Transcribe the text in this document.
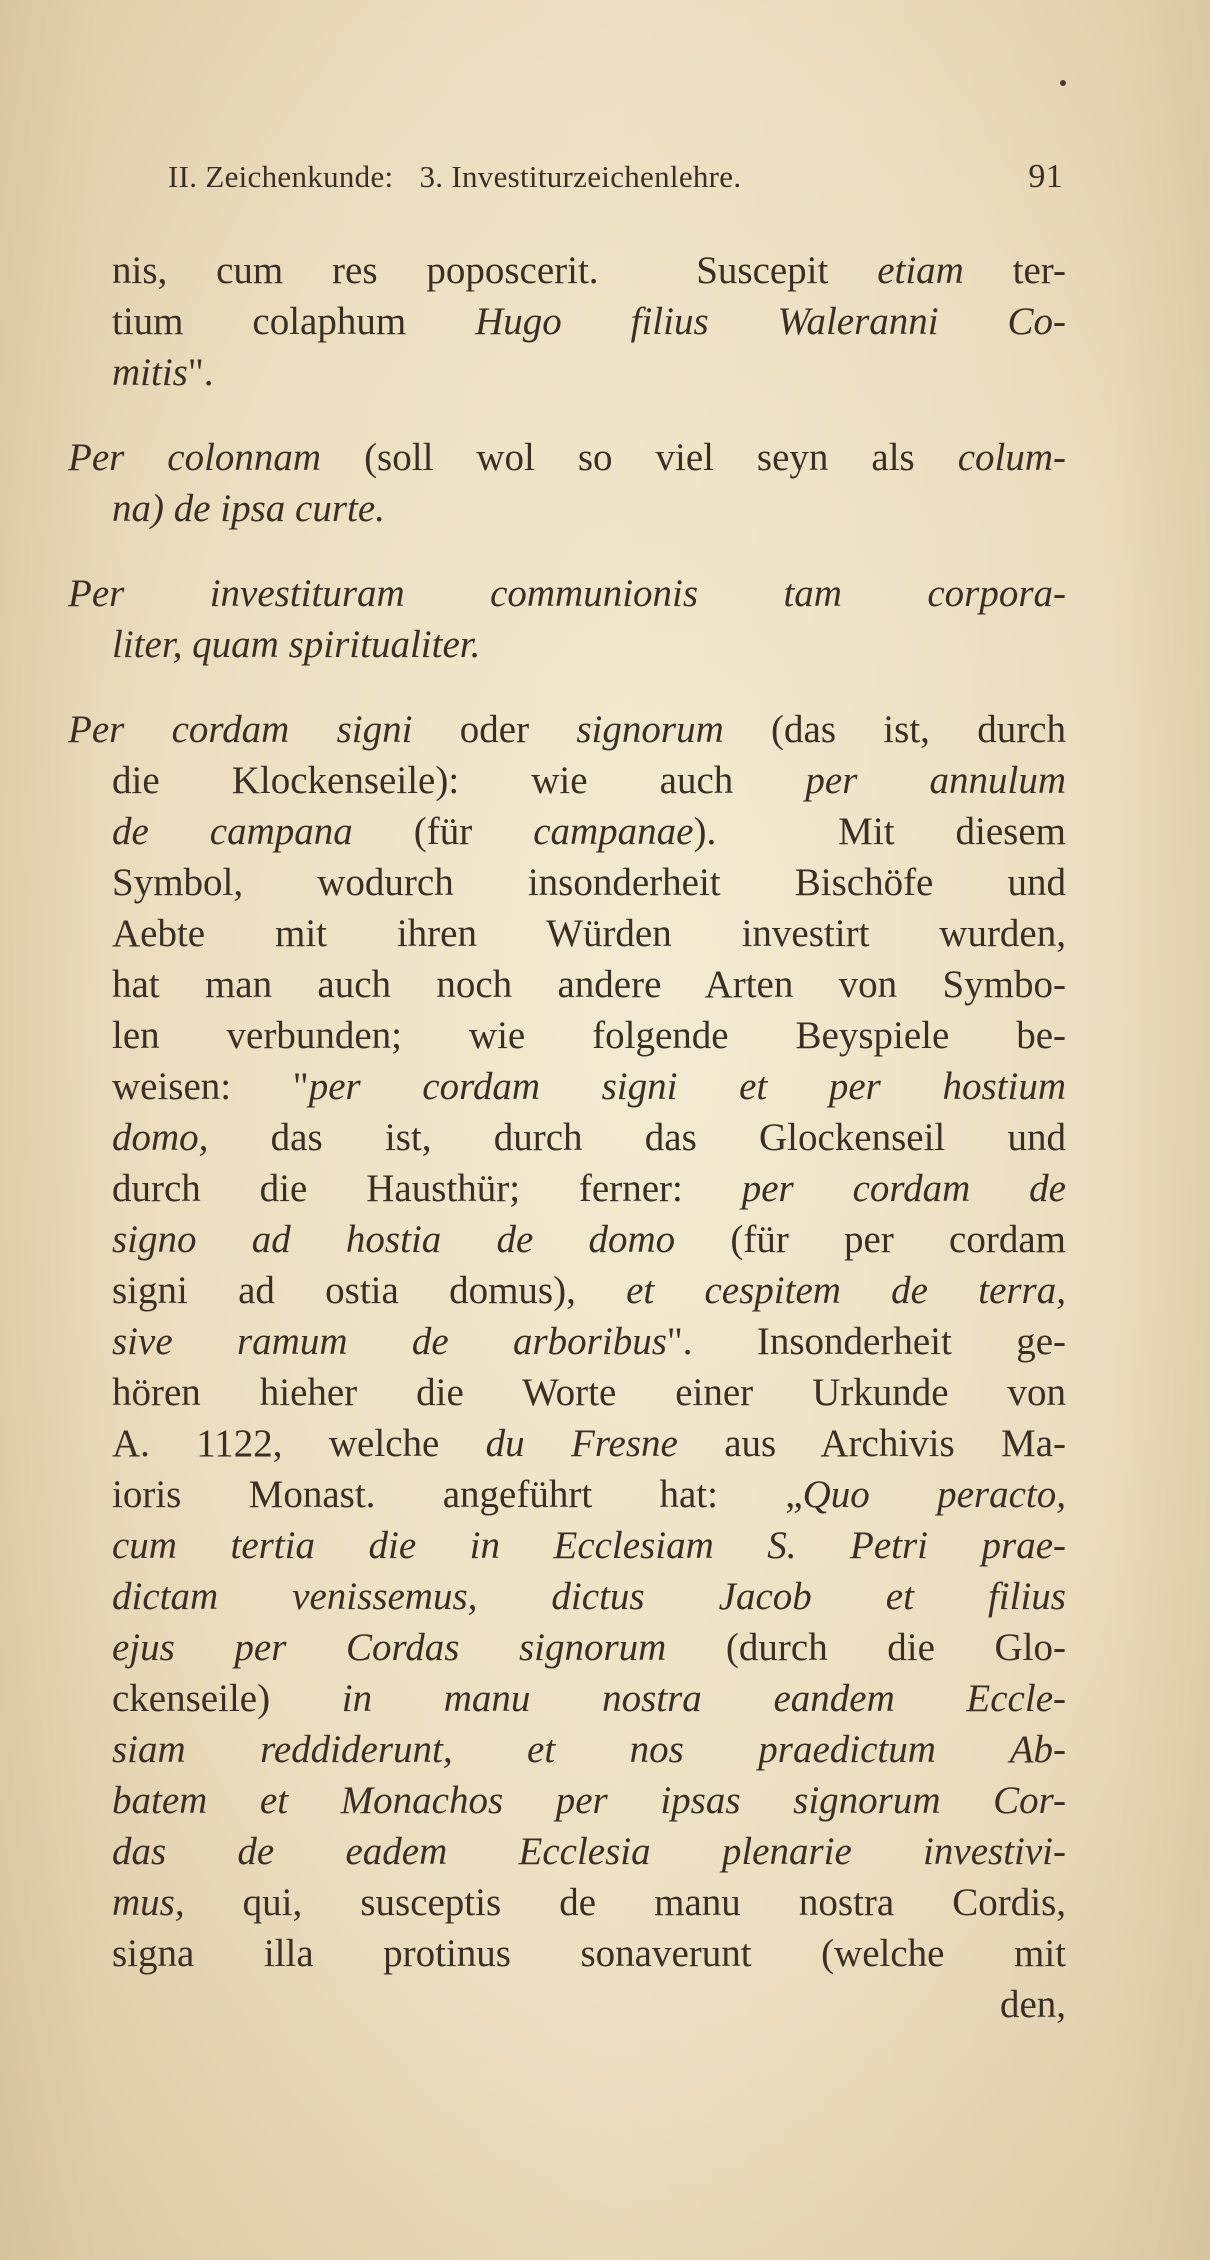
II. Zeichenkunde: 3. Investiturzeichenlehre.	91
nis, cum res poposcerit.  Suscepit etiam ter-
tium colaphum Hugo filius Waleranni Co-
mitis".
Per colonnam (soll wol so viel seyn als colum-
na) de ipsa curte.
Per investituram communionis tam corpora-
liter, quam spiritualiter.
Per cordam signi oder signorum (das ist, durch
die Klockenseile): wie auch per annulum
de campana (für campanae).  Mit diesem
Symbol, wodurch insonderheit Bischöfe und
Aebte mit ihren Würden investirt wurden,
hat man auch noch andere Arten von Symbo-
len verbunden; wie folgende Beyspiele be-
weisen: "per cordam signi et per hostium
domo, das ist, durch das Glockenseil und
durch die Hausthür; ferner: per cordam de
signo ad hostia de domo (für per cordam
signi ad ostia domus), et cespitem de terra,
sive ramum de arboribus". Insonderheit ge-
hören hieher die Worte einer Urkunde von
A. 1122, welche du Fresne aus Archivis Ma-
ioris Monast. angeführt hat: „Quo peracto,
cum tertia die in Ecclesiam S. Petri prae-
dictam venissemus, dictus Jacob et filius
ejus per Cordas signorum (durch die Glo-
ckenseile) in manu nostra eandem Eccle-
siam reddiderunt, et nos praedictum Ab-
batem et Monachos per ipsas signorum Cor-
das de eadem Ecclesia plenarie investivi-
mus, qui, susceptis de manu nostra Cordis,
signa illa protinus sonaverunt (welche mit
den,
